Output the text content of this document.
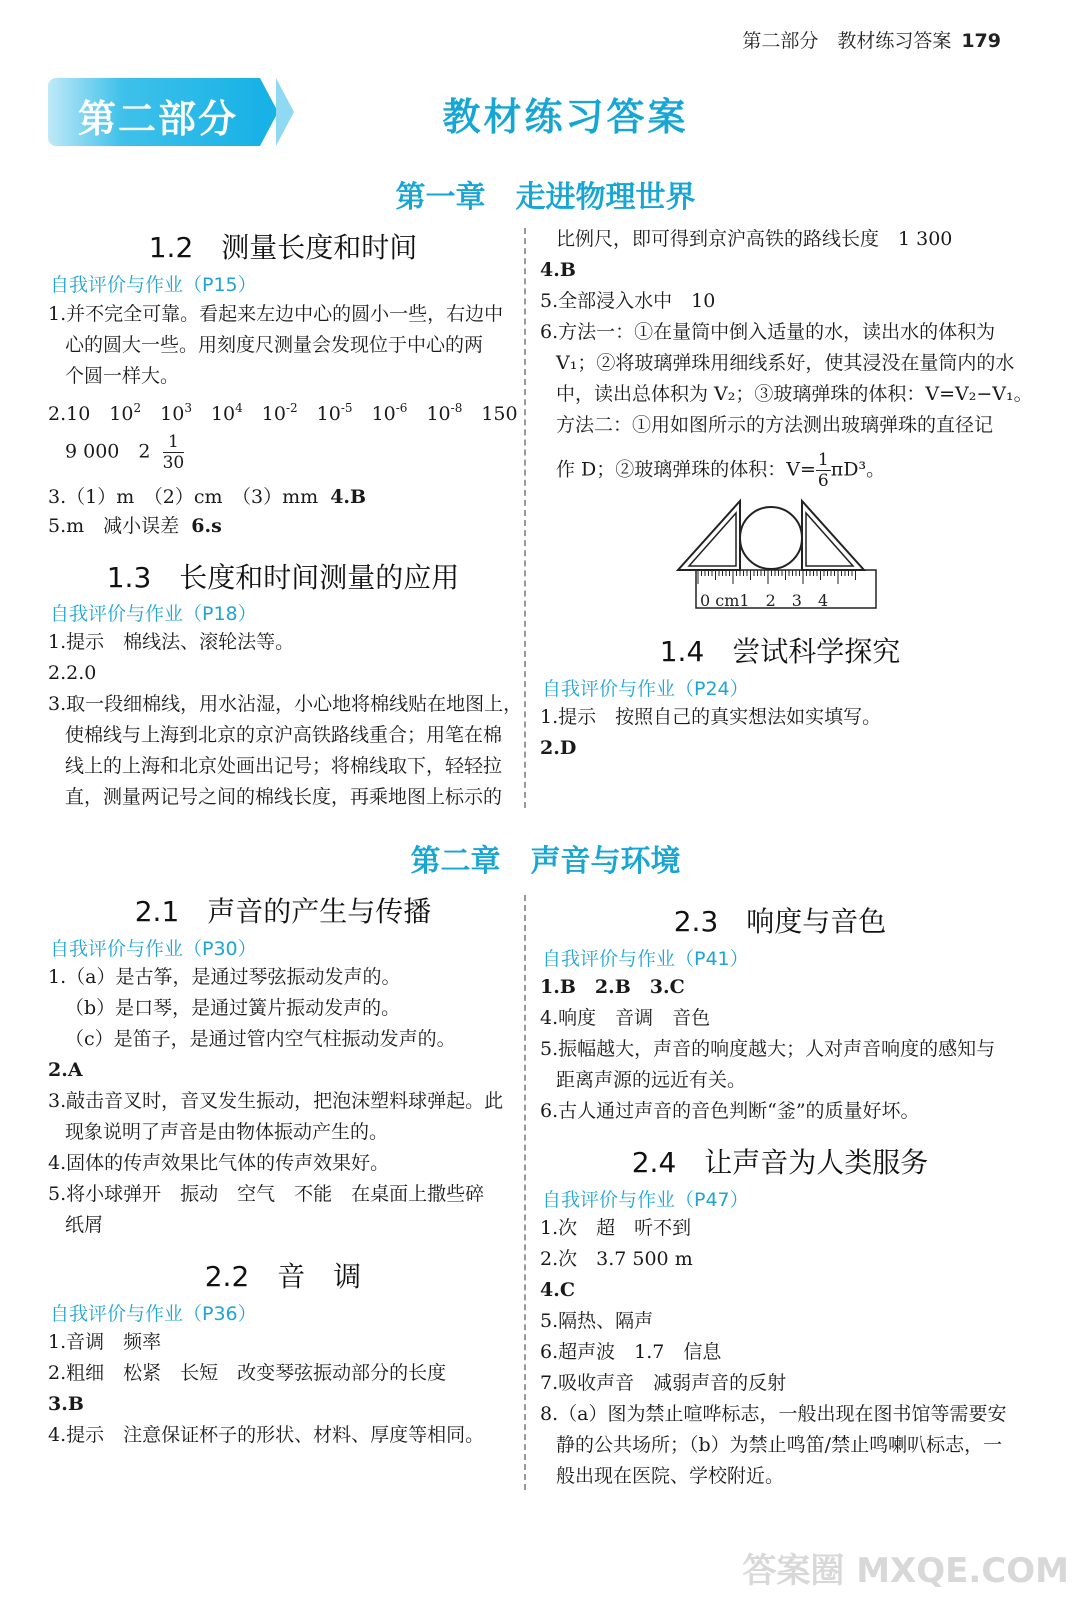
第二部分　教材练习答案 179
第二部分	教材练习答案
第一章　走进物理世界
1.2　测量长度和时间
自我评价与作业（P15）
1.并不完全可靠。看起来左边中心的圆小一些，右边中
心的圆大一些。用刻度尺测量会发现位于中心的两
个圆一样大。
2.10　$10^2$　$10^3$　$10^4$　$10^{-2}$　$10^{-5}$　$10^{-6}$　$10^{-8}$　150
9 000　$2 \frac{1}{30}$
3.（1）m　（2）cm　（3）mm 4.B
5.m　减小误差 6.s
1.3　长度和时间测量的应用
自我评价与作业（P18）
1.提示　棉线法、滚轮法等。
2.2.0
3.取一段细棉线，用水沾湿，小心地将棉线贴在地图上，
使棉线与上海到北京的京沪高铁路线重合；用笔在棉
线上的上海和北京处画出记号；将棉线取下，轻轻拉
直，测量两记号之间的棉线长度，再乘地图上标示的
比例尺，即可得到京沪高铁的路线长度　1 300
4.B
5.全部浸入水中　10
6.方法一：①在量筒中倒入适量的水，读出水的体积为
V₁；②将玻璃弹珠用细线系好，使其浸没在量筒内的水
中，读出总体积为 V₂；③玻璃弹珠的体积：V=V₂−V₁。
方法二：①用如图所示的方法测出玻璃弹珠的直径记
作 D；②玻璃弹珠的体积：$V= \frac{1}{6} \pi D^3$。
0 cm1　2　3　4
1.4　尝试科学探究
自我评价与作业（P24）
1.提示　按照自己的真实想法如实填写。
2.D
第二章　声音与环境
2.1　声音的产生与传播
自我评价与作业（P30）
1.（a）是古筝，是通过琴弦振动发声的。
（b）是口琴，是通过簧片振动发声的。
（c）是笛子，是通过管内空气柱振动发声的。
2.A
3.敲击音叉时，音叉发生振动，把泡沫塑料球弹起。此
现象说明了声音是由物体振动产生的。
4.固体的传声效果比气体的传声效果好。
5.将小球弹开　振动　空气　不能　在桌面上撒些碎
纸屑
2.2　音　调
自我评价与作业（P36）
1.音调　频率
2.粗细　松紧　长短　改变琴弦振动部分的长度
3.B
4.提示　注意保证杯子的形状、材料、厚度等相同。
2.3　响度与音色
自我评价与作业（P41）
1.B　2.B　3.C
4.响度　音调　音色
5.振幅越大，声音的响度越大；人对声音响度的感知与
距离声源的远近有关。
6.古人通过声音的音色判断“釜”的质量好坏。
2.4　让声音为人类服务
自我评价与作业（P47）
1.次　超　听不到
2.次　3.7 500 m
4.C
5.隔热、隔声
6.超声波　1.7　信息
7.吸收声音　减弱声音的反射
8.（a）图为禁止喧哗标志，一般出现在图书馆等需要安
静的公共场所；（b）为禁止鸣笛/禁止鸣喇叭标志，一
般出现在医院、学校附近。
答案圈 MXQE.COM
